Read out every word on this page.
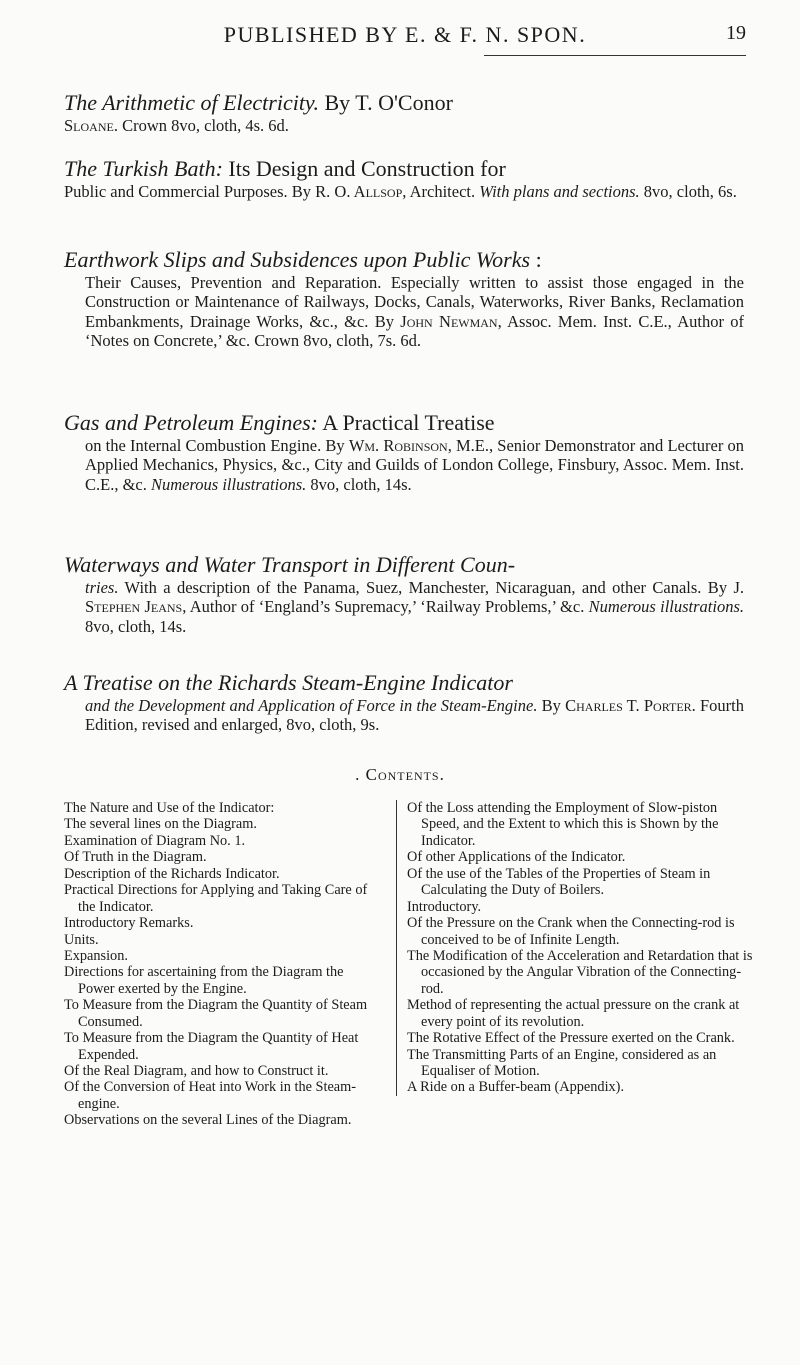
PUBLISHED BY E. & F. N. SPON.	19
The Arithmetic of Electricity. By T. O'Conor
Sloane. Crown 8vo, cloth, 4s. 6d.
The Turkish Bath: Its Design and Construction for
Public and Commercial Purposes. By R. O. Allsop, Architect. With plans and sections. 8vo, cloth, 6s.
Earthwork Slips and Subsidences upon Public Works :
Their Causes, Prevention and Reparation. Especially written to assist those engaged in the Construction or Maintenance of Railways, Docks, Canals, Waterworks, River Banks, Reclamation Embankments, Drainage Works, &c., &c. By John Newman, Assoc. Mem. Inst. C.E., Author of ‘Notes on Concrete,’ &c. Crown 8vo, cloth, 7s. 6d.
Gas and Petroleum Engines: A Practical Treatise
on the Internal Combustion Engine. By Wm. Robinson, M.E., Senior Demonstrator and Lecturer on Applied Mechanics, Physics, &c., City and Guilds of London College, Finsbury, Assoc. Mem. Inst. C.E., &c. Numerous illustrations. 8vo, cloth, 14s.
Waterways and Water Transport in Different Coun-
tries. With a description of the Panama, Suez, Manchester, Nicaraguan, and other Canals. By J. Stephen Jeans, Author of ‘England’s Supremacy,’ ‘Railway Problems,’ &c. Numerous illustrations. 8vo, cloth, 14s.
A Treatise on the Richards Steam-Engine Indicator
and the Development and Application of Force in the Steam-Engine. By Charles T. Porter. Fourth Edition, revised and enlarged, 8vo, cloth, 9s.
. Contents.

The Nature and Use of the Indicator:

The several lines on the Diagram.

Examination of Diagram No. 1.

Of Truth in the Diagram.

Description of the Richards Indicator.

Practical Directions for Applying and Taking Care of the Indicator.

Introductory Remarks.

Units.

Expansion.

Directions for ascertaining from the Diagram the Power exerted by the Engine.

To Measure from the Diagram the Quantity of Steam Consumed.

To Measure from the Diagram the Quantity of Heat Expended.

Of the Real Diagram, and how to Construct it.

Of the Conversion of Heat into Work in the Steam-engine.

Observations on the several Lines of the Diagram.

Of the Loss attending the Employment of Slow-piston Speed, and the Extent to which this is Shown by the Indicator.

Of other Applications of the Indicator.

Of the use of the Tables of the Properties of Steam in Calculating the Duty of Boilers.

Introductory.

Of the Pressure on the Crank when the Connecting-rod is conceived to be of Infinite Length.

The Modification of the Acceleration and Retardation that is occasioned by the Angular Vibration of the Connecting-rod.

Method of representing the actual pressure on the crank at every point of its revolution.

The Rotative Effect of the Pressure exerted on the Crank.

The Transmitting Parts of an Engine, considered as an Equaliser of Motion.

A Ride on a Buffer-beam (Appendix).
